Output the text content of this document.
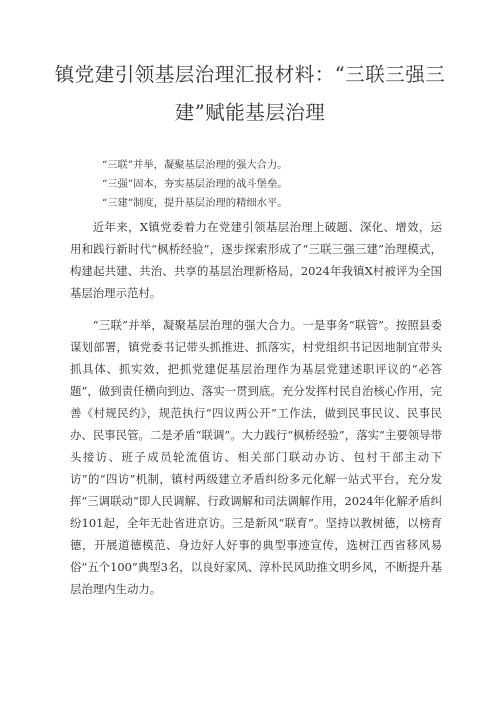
镇党建引领基层治理汇报材料：“三联三强三建”赋能基层治理
“三联”并举，凝聚基层治理的强大合力。
“三强”固本，夯实基层治理的战斗堡垒。
“三建”制度，提升基层治理的精细水平。

近年来，X镇党委着力在党建引领基层治理上破题、深化、增效，运用和践行新时代“枫桥经验”，逐步探索形成了“三联三强三建”治理模式，构建起共建、共治、共享的基层治理新格局，2024年我镇X村被评为全国基层治理示范村。

“三联”并举，凝聚基层治理的强大合力。一是事务“联管”。按照县委谋划部署，镇党委书记带头抓推进、抓落实，村党组织书记因地制宜带头抓具体、抓实效，把抓党建促基层治理作为基层党建述职评议的“必答题”，做到责任横向到边、落实一贯到底。充分发挥村民自治核心作用，完善《村规民约》，规范执行“四议两公开”工作法，做到民事民议、民事民办、民事民管。二是矛盾“联调”。大力践行“枫桥经验”，落实“主要领导带头接访、班子成员轮流值访、相关部门联动办访、包村干部主动下访”的“四访”机制，镇村两级建立矛盾纠纷多元化解一站式平台，充分发挥“三调联动”即人民调解、行政调解和司法调解作用，2024年化解矛盾纠纷101起，全年无赴省进京访。三是新风“联育”。坚持以教树德，以榜育德，开展道德模范、身边好人好事的典型事迹宣传，选树江西省移风易俗“五个100”典型3名，以良好家风、淳朴民风助推文明乡风，不断提升基层治理内生动力。
